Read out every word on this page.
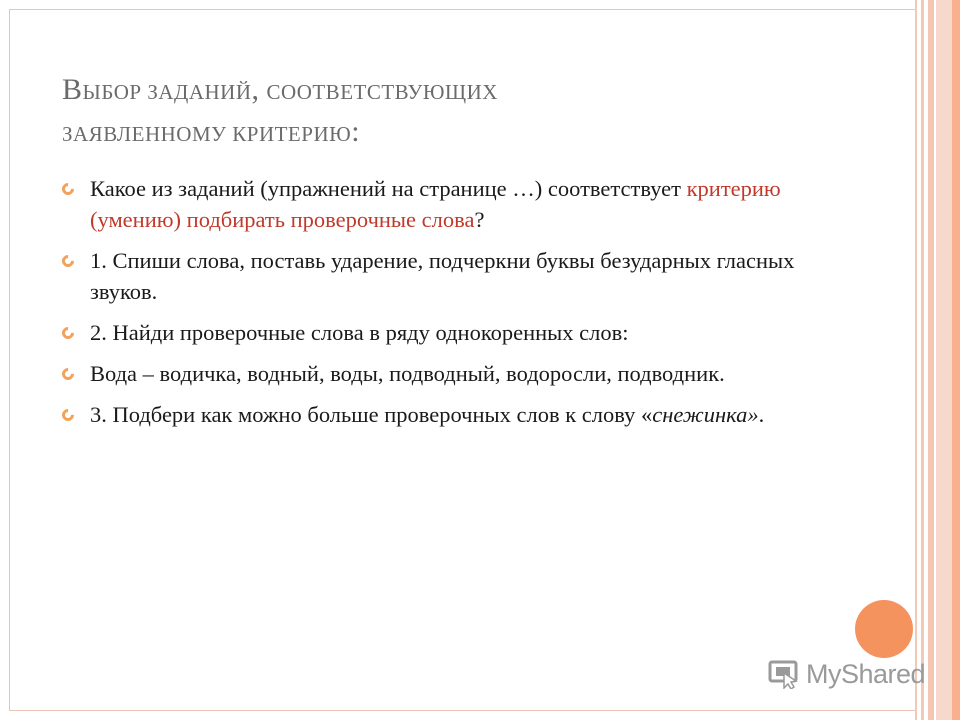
ВЫБОР ЗАДАНИЙ, СООТВЕТСТВУЮЩИХ
ЗАЯВЛЕННОМУ КРИТЕРИЮ:
Какое из заданий (упражнений на странице …) соответствует критерию (умению) подбирать проверочные слова?
1. Спиши слова, поставь ударение, подчеркни буквы безударных гласных звуков.
2. Найди проверочные слова в ряду однокоренных слов:
Вода – водичка, водный, воды, подводный, водоросли, подводник.
3. Подбери как можно больше проверочных слов к слову «снежинка».
MyShared
